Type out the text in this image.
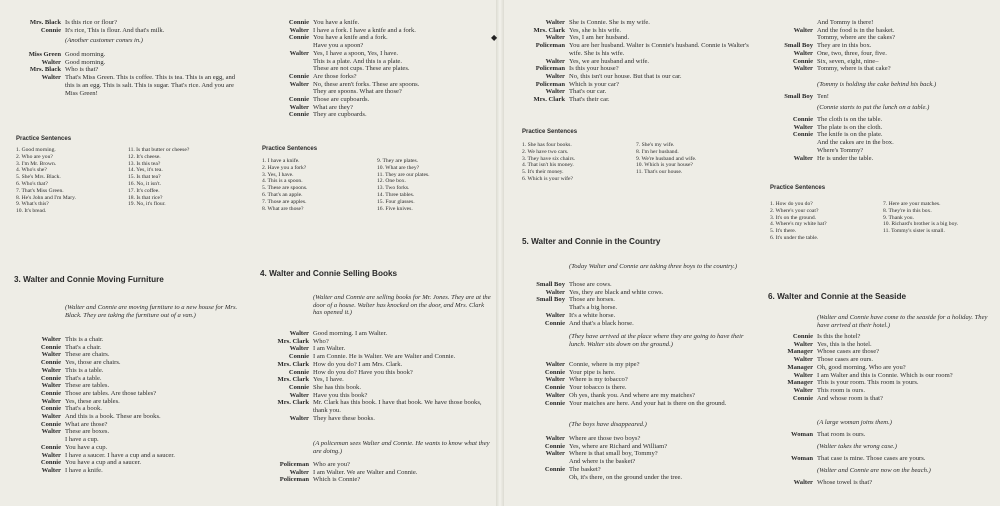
◆
Mrs. Black Is this rice or flour?
Connie It's rice, This is flour. And that's milk.
(Another customer comes in.)
Miss Green Good morning.
Walter Good morning.
Mrs. Black Who is that?
Walter That's Miss Green. This is coffee. This is tea. This is an egg, and this is an egg. This is salt. This is sugar. That's rice. And you are Miss Green!
Practice Sentences
1. Good morning.
2. Who are you?
3. I'm Mr. Brown.
4. Who's she?
5. She's Mrs. Black.
6. Who's that?
7. That's Miss Green.
8. He's John and I'm Mary.
9. What's this?
10. It's bread.
11. Is that butter or cheese?
12. It's cheese.
13. Is this tea?
14. Yes, it's tea.
15. Is that tea?
16. No, it isn't.
17. It's coffee.
18. Is that rice?
19. No, it's flour.
3. Walter and Connie Moving Furniture
(Walter and Connie are moving furniture to a new house for Mrs. Black. They are taking the furniture out of a van.)
Walter This is a chair.
Connie That's a chair.
Walter These are chairs.
Connie Yes, those are chairs.
Walter This is a table.
Connie That's a table.
Walter These are tables.
Connie Those are tables. Are those tables?
Walter Yes, these are tables.
Connie That's a book.
Walter And this is a book. These are books.
Connie What are those?
Walter These are boxes.
I have a cup.
Connie You have a cup.
Walter I have a saucer. I have a cup and a saucer.
Connie You have a cup and a saucer.
Walter I have a knife.
Connie You have a knife.
Walter I have a fork. I have a knife and a fork.
Connie You have a knife and a fork.
Have you a spoon?
Walter Yes, I have a spoon, Yes, I have.
This is a plate. And this is a plate.
These are not cups. These are plates.
Connie Are those forks?
Walter No, these aren't forks. These are spoons.
They are spoons. What are those?
Connie Those are cupboards.
Walter What are they?
Connie They are cupboards.
Practice Sentences
1. I have a knife.
2. Have you a fork?
3. Yes, I have.
4. This is a spoon.
5. These are spoons.
6. That's an apple.
7. Those are apples.
8. What are those?
9. They are plates.
10. What are they?
11. They are our plates.
12. One box.
13. Two forks.
14. Three tables.
15. Four glasses.
16. Five knives.
4. Walter and Connie Selling Books
(Walter and Connie are selling books for Mr. Jones. They are at the door of a house. Walter has knocked on the door, and Mrs. Clark has opened it.)
Walter Good morning. I am Walter.
Mrs. Clark Who?
Walter I am Walter.
Connie I am Connie. He is Walter. We are Walter and Connie.
Mrs. Clark How do you do? I am Mrs. Clark.
Connie How do you do? Have you this book?
Mrs. Clark Yes, I have.
Connie She has this book.
Walter Have you this book?
Mrs. Clark Mr. Clark has this book. I have that book. We have those books, thank you.
Walter They have these books.
(A policeman sees Walter and Connie. He wants to know what they are doing.)
Policeman Who are you?
Walter I am Walter. We are Walter and Connie.
Policeman Which is Connie?
Walter She is Connie. She is my wife.
Mrs. Clark Yes, she is his wife.
Walter Yes, I am her husband.
Policeman You are her husband. Walter is Connie's husband. Connie is Walter's wife. She is his wife.
Walter Yes, we are husband and wife.
Policeman Is this your house?
Walter No, this isn't our house. But that is our car.
Policeman Which is your car?
Walter That's our car.
Mrs. Clark That's their car.
Practice Sentences
1. She has four books.
2. We have two cars.
3. They have six chairs.
4. That isn't his money.
5. It's their money.
6. Which is your wife?
7. She's my wife.
8. I'm her husband.
9. We're husband and wife.
10. Which is your house?
11. That's our house.
5. Walter and Connie in the Country
(Today Walter and Connie are taking three boys to the country.)
Small Boy Those are cows.
Walter Yes, they are black and white cows.
Small Boy Those are horses.
That's a big horse.
Walter It's a white horse.
Connie And that's a black horse.
(They have arrived at the place where they are going to have their lunch. Walter sits down on the ground.)
Walter Connie, where is my pipe?
Connie Your pipe is here.
Walter Where is my tobacco?
Connie Your tobacco is there.
Walter Oh yes, thank you. And where are my matches?
Connie Your matches are here. And your hat is there on the ground.
(The boys have disappeared.)
Walter Where are those two boys?
Connie Yes, where are Richard and William?
Walter Where is that small boy, Tommy?
And where is the basket?
Connie The basket?
Oh, it's there, on the ground under the tree.
And Tommy is there!
Walter And the food is in the basket.
Tommy, where are the cakes?
Small Boy They are in this box.
Walter One, two, three, four, five.
Connie Six, seven, eight, nine–
Walter Tommy, where is that cake?
(Tommy is holding the cake behind his back.)
Small Boy Ten!
(Connie starts to put the lunch on a table.)
Connie The cloth is on the table.
Walter The plate is on the cloth.
Connie The knife is on the plate.
And the cakes are in the box.
Where's Tommy?
Walter He is under the table.
Practice Sentences
1. How do you do?
2. Where's your coat?
3. It's on the ground.
4. Where's my white hat?
5. It's there.
6. It's under the table.
7. Here are your matches.
8. They're in this box.
9. Thank you.
10. Richard's brother is a big boy.
11. Tommy's sister is small.
6. Walter and Connie at the Seaside
(Walter and Connie have come to the seaside for a holiday. They have arrived at their hotel.)
Connie Is this the hotel?
Walter Yes, this is the hotel.
Manager Whose cases are those?
Walter Those cases are ours.
Manager Oh, good morning. Who are you?
Walter I am Walter and this is Connie. Which is our room?
Manager This is your room. This room is yours.
Walter This room is ours.
Connie And whose room is that?
(A large woman joins them.)
Woman That room is ours.
(Walter takes the wrong case.)
Woman That case is mine. Those cases are yours.
(Walter and Connie are now on the beach.)
Walter Whose towel is that?
